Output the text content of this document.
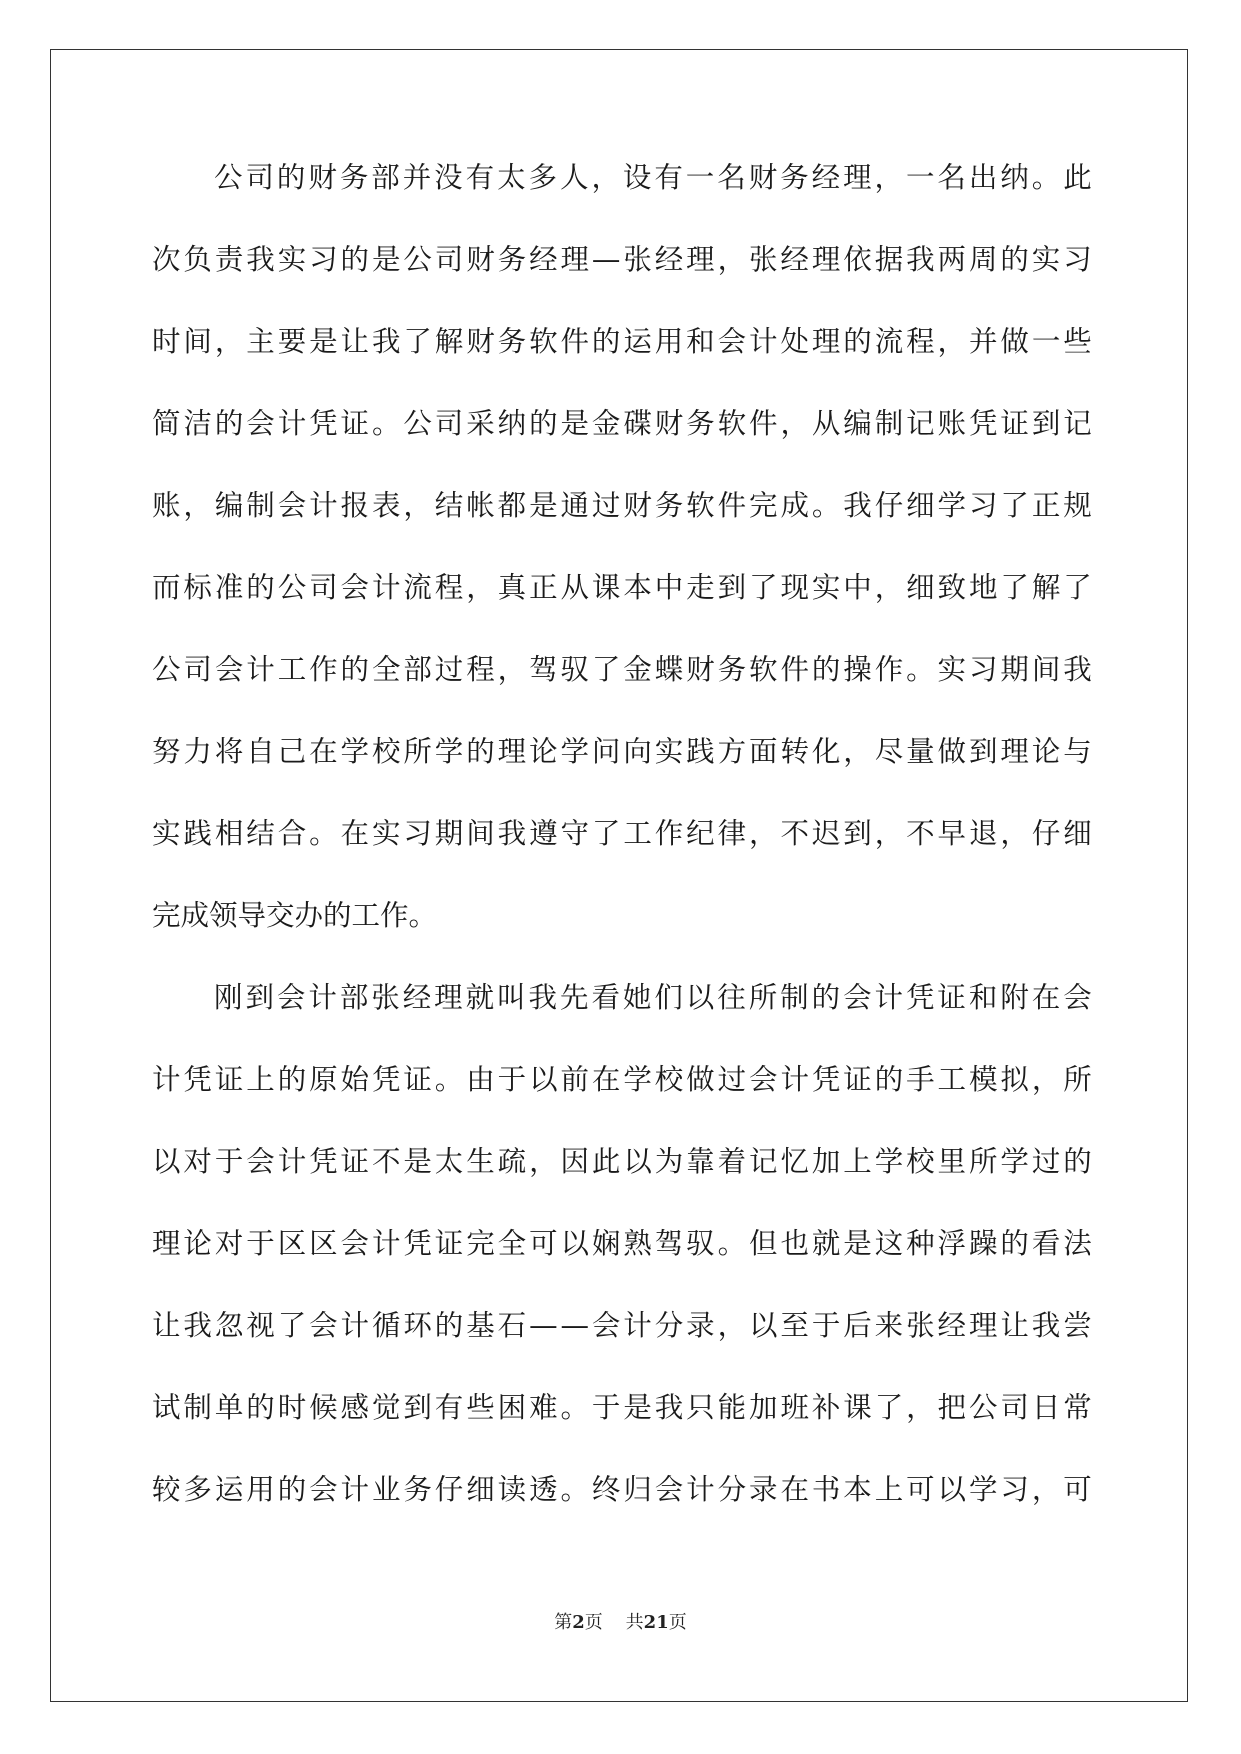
公 司 的 财 务 部 并 没 有 太 多 人 ， 设 有 一 名 财 务 经 理 ， 一 名 出 纳 。 此
次 负 责 我 实 习 的 是 公 司 财 务 经 理 — 张 经 理 ， 张 经 理 依 据 我 两 周 的 实 习
时 间 ， 主 要 是 让 我 了 解 财 务 软 件 的 运 用 和 会 计 处 理 的 流 程 ， 并 做 一 些
简 洁 的 会 计 凭 证 。 公 司 采 纳 的 是 金 碟 财 务 软 件 ， 从 编 制 记 账 凭 证 到 记
账 ， 编 制 会 计 报 表 ， 结 帐 都 是 通 过 财 务 软 件 完 成 。 我 仔 细 学 习 了 正 规
而 标 准 的 公 司 会 计 流 程 ， 真 正 从 课 本 中 走 到 了 现 实 中 ， 细 致 地 了 解 了
公 司 会 计 工 作 的 全 部 过 程 ， 驾 驭 了 金 蝶 财 务 软 件 的 操 作 。 实 习 期 间 我
努 力 将 自 己 在 学 校 所 学 的 理 论 学 问 向 实 践 方 面 转 化 ， 尽 量 做 到 理 论 与
实 践 相 结 合 。 在 实 习 期 间 我 遵 守 了 工 作 纪 律 ， 不 迟 到 ， 不 早 退 ， 仔 细
完成领导交办的工作。
刚 到 会 计 部 张 经 理 就 叫 我 先 看 她 们 以 往 所 制 的 会 计 凭 证 和 附 在 会
计 凭 证 上 的 原 始 凭 证 。 由 于 以 前 在 学 校 做 过 会 计 凭 证 的 手 工 模 拟 ， 所
以 对 于 会 计 凭 证 不 是 太 生 疏 ， 因 此 以 为 靠 着 记 忆 加 上 学 校 里 所 学 过 的
理 论 对 于 区 区 会 计 凭 证 完 全 可 以 娴 熟 驾 驭 。 但 也 就 是 这 种 浮 躁 的 看 法
让 我 忽 视 了 会 计 循 环 的 基 石 — — 会 计 分 录 ， 以 至 于 后 来 张 经 理 让 我 尝
试 制 单 的 时 候 感 觉 到 有 些 困 难 。 于 是 我 只 能 加 班 补 课 了 ， 把 公 司 日 常
较 多 运 用 的 会 计 业 务 仔 细 读 透 。 终 归 会 计 分 录 在 书 本 上 可 以 学 习 ， 可
第2页 共21页
